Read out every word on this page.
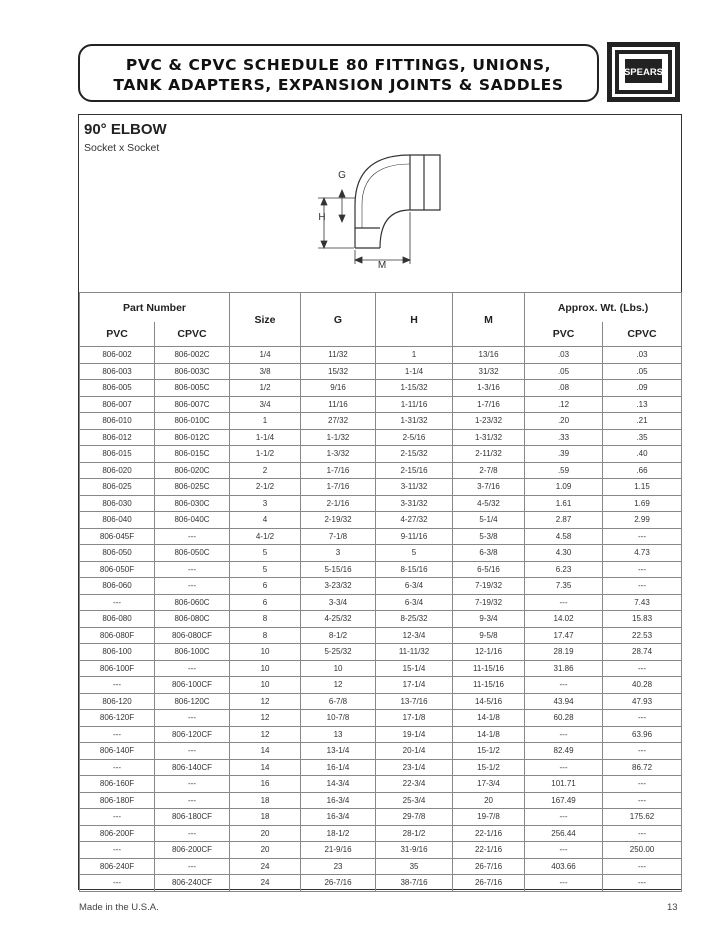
PVC & CPVC SCHEDULE 80 FITTINGS, UNIONS,
TANK ADAPTERS, EXPANSION JOINTS & SADDLES
SPEARS
90° ELBOW
Socket x Socket
G
H
M
Part Number		Size	G	H	M	Approx. Wt. (Lbs.)	
PVC	CPVC					PVC	CPVC
806-002	806-002C	1/4	11/32	1	13/16	.03	.03
806-003	806-003C	3/8	15/32	1-1/4	31/32	.05	.05
806-005	806-005C	1/2	9/16	1-15/32	1-3/16	.08	.09
806-007	806-007C	3/4	11/16	1-11/16	1-7/16	.12	.13
806-010	806-010C	1	27/32	1-31/32	1-23/32	.20	.21
806-012	806-012C	1-1/4	1-1/32	2-5/16	1-31/32	.33	.35
806-015	806-015C	1-1/2	1-3/32	2-15/32	2-11/32	.39	.40
806-020	806-020C	2	1-7/16	2-15/16	2-7/8	.59	.66
806-025	806-025C	2-1/2	1-7/16	3-11/32	3-7/16	1.09	1.15
806-030	806-030C	3	2-1/16	3-31/32	4-5/32	1.61	1.69
806-040	806-040C	4	2-19/32	4-27/32	5-1/4	2.87	2.99
806-045F	---	4-1/2	7-1/8	9-11/16	5-3/8	4.58	---
806-050	806-050C	5	3	5	6-3/8	4.30	4.73
806-050F	---	5	5-15/16	8-15/16	6-5/16	6.23	---
806-060	---	6	3-23/32	6-3/4	7-19/32	7.35	---
---	806-060C	6	3-3/4	6-3/4	7-19/32	---	7.43
806-080	806-080C	8	4-25/32	8-25/32	9-3/4	14.02	15.83
806-080F	806-080CF	8	8-1/2	12-3/4	9-5/8	17.47	22.53
806-100	806-100C	10	5-25/32	11-11/32	12-1/16	28.19	28.74
806-100F	---	10	10	15-1/4	11-15/16	31.86	---
---	806-100CF	10	12	17-1/4	11-15/16	---	40.28
806-120	806-120C	12	6-7/8	13-7/16	14-5/16	43.94	47.93
806-120F	---	12	10-7/8	17-1/8	14-1/8	60.28	---
---	806-120CF	12	13	19-1/4	14-1/8	---	63.96
806-140F	---	14	13-1/4	20-1/4	15-1/2	82.49	---
---	806-140CF	14	16-1/4	23-1/4	15-1/2	---	86.72
806-160F	---	16	14-3/4	22-3/4	17-3/4	101.71	---
806-180F	---	18	16-3/4	25-3/4	20	167.49	---
---	806-180CF	18	16-3/4	29-7/8	19-7/8	---	175.62
806-200F	---	20	18-1/2	28-1/2	22-1/16	256.44	---
---	806-200CF	20	21-9/16	31-9/16	22-1/16	---	250.00
806-240F	---	24	23	35	26-7/16	403.66	---
---	806-240CF	24	26-7/16	38-7/16	26-7/16	---	---
Made in the U.S.A.	13
